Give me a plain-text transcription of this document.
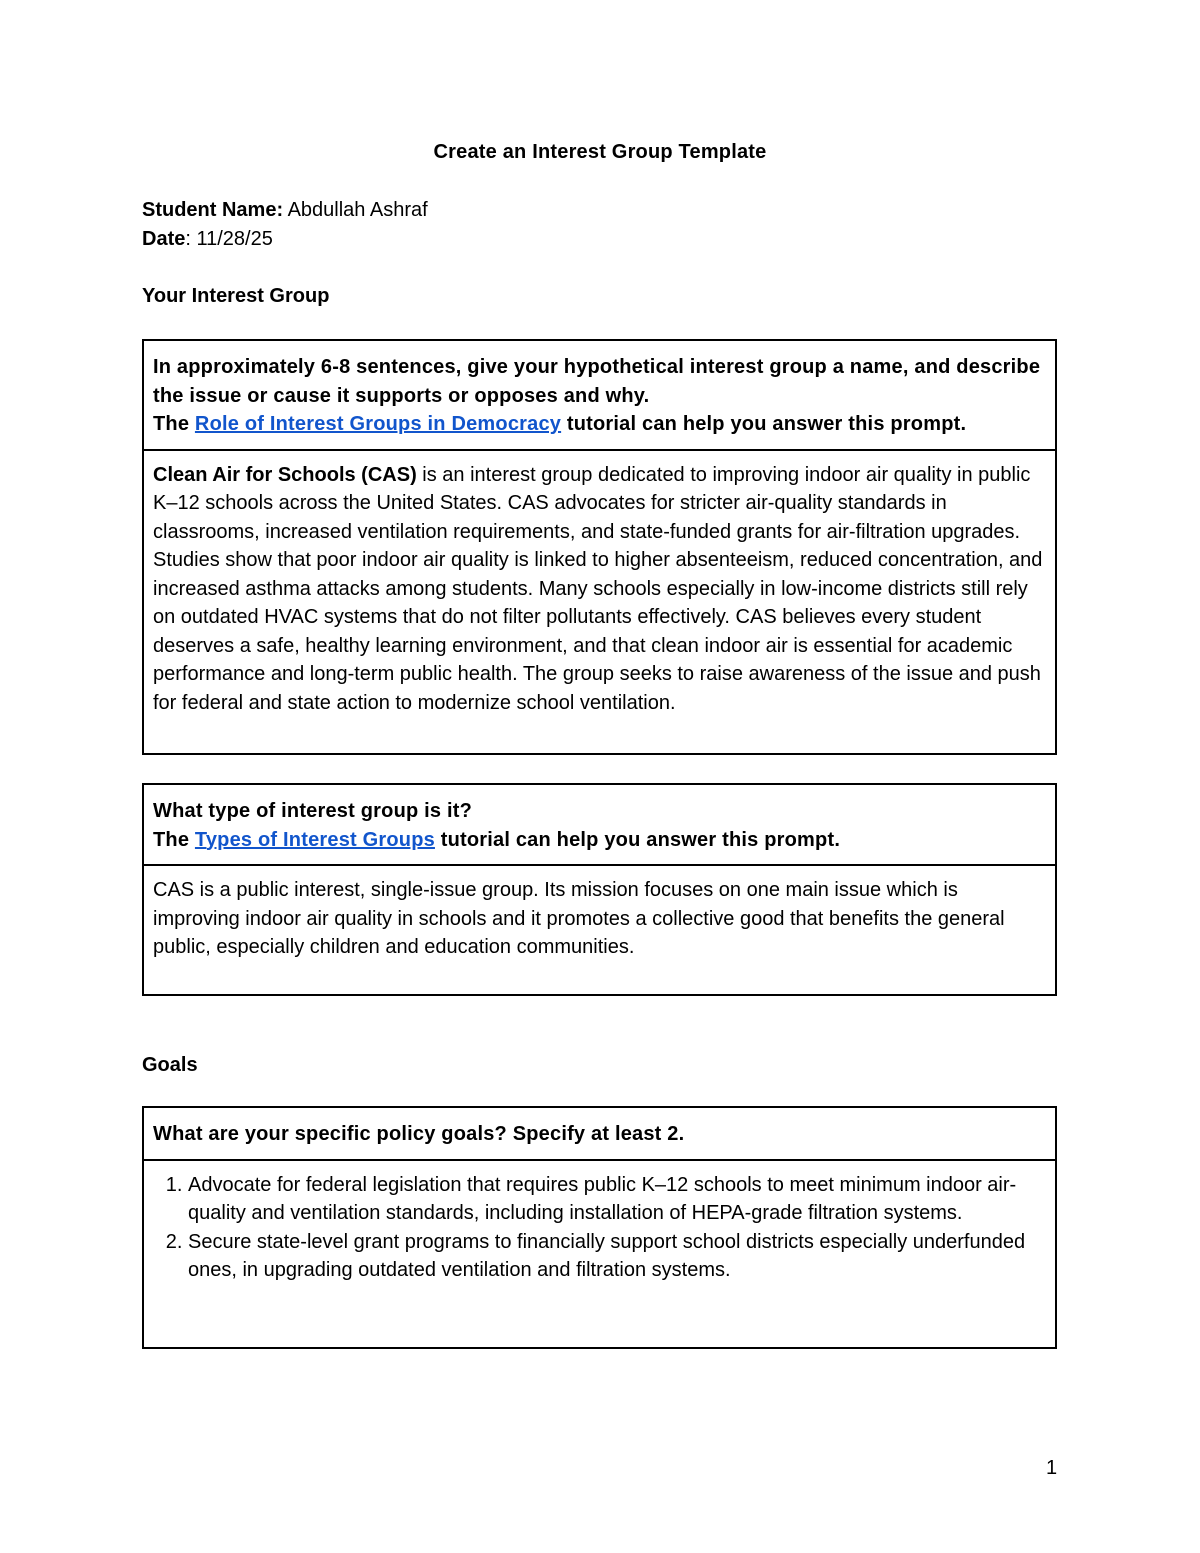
Create an Interest Group Template
Student Name: Abdullah Ashraf
Date: 11/28/25
Your Interest Group
In approximately 6-8 sentences, give your hypothetical interest group a name, and describe the issue or cause it supports or opposes and why.
The Role of Interest Groups in Democracy tutorial can help you answer this prompt.
Clean Air for Schools (CAS) is an interest group dedicated to improving indoor air quality in public K–12 schools across the United States. CAS advocates for stricter air-quality standards in classrooms, increased ventilation requirements, and state-funded grants for air-filtration upgrades. Studies show that poor indoor air quality is linked to higher absenteeism, reduced concentration, and increased asthma attacks among students. Many schools especially in low-income districts still rely on outdated HVAC systems that do not filter pollutants effectively. CAS believes every student deserves a safe, healthy learning environment, and that clean indoor air is essential for academic performance and long-term public health. The group seeks to raise awareness of the issue and push for federal and state action to modernize school ventilation.
What type of interest group is it?
The Types of Interest Groups tutorial can help you answer this prompt.
CAS is a public interest, single-issue group. Its mission focuses on one main issue which is improving indoor air quality in schools and it promotes a collective good that benefits the general public, especially children and education communities.
Goals
What are your specific policy goals? Specify at least 2.
1. Advocate for federal legislation that requires public K–12 schools to meet minimum indoor air-quality and ventilation standards, including installation of HEPA-grade filtration systems.
2. Secure state-level grant programs to financially support school districts especially underfunded ones, in upgrading outdated ventilation and filtration systems.
1
